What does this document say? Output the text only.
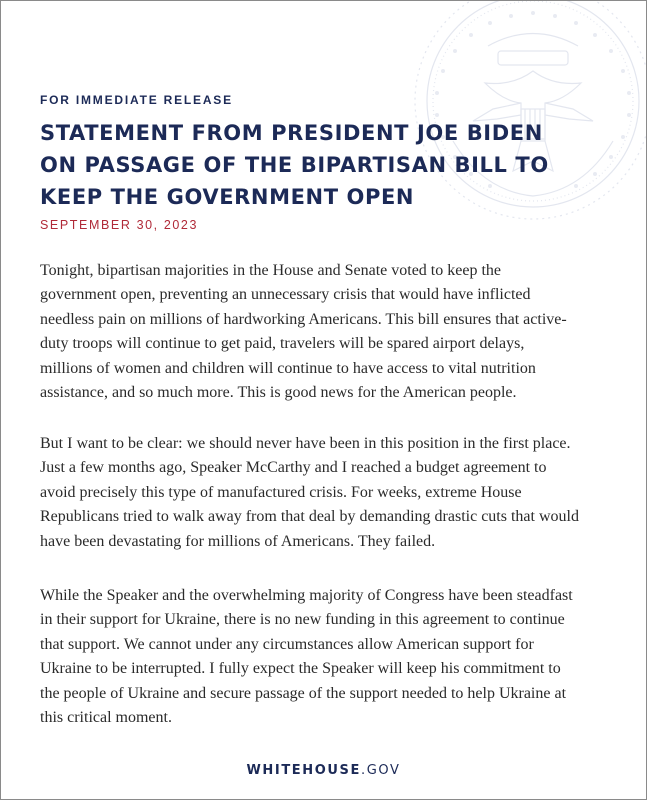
FOR IMMEDIATE RELEASE
STATEMENT FROM PRESIDENT JOE BIDEN
ON PASSAGE OF THE BIPARTISAN BILL TO
KEEP THE GOVERNMENT OPEN
SEPTEMBER 30, 2023
Tonight, bipartisan majorities in the House and Senate voted to keep the
government open, preventing an unnecessary crisis that would have inflicted
needless pain on millions of hardworking Americans. This bill ensures that active-
duty troops will continue to get paid, travelers will be spared airport delays,
millions of women and children will continue to have access to vital nutrition
assistance, and so much more. This is good news for the American people.
But I want to be clear: we should never have been in this position in the first place.
Just a few months ago, Speaker McCarthy and I reached a budget agreement to
avoid precisely this type of manufactured crisis. For weeks, extreme House
Republicans tried to walk away from that deal by demanding drastic cuts that would
have been devastating for millions of Americans. They failed.
While the Speaker and the overwhelming majority of Congress have been steadfast
in their support for Ukraine, there is no new funding in this agreement to continue
that support. We cannot under any circumstances allow American support for
Ukraine to be interrupted. I fully expect the Speaker will keep his commitment to
the people of Ukraine and secure passage of the support needed to help Ukraine at
this critical moment.
WHITEHOUSE.GOV
